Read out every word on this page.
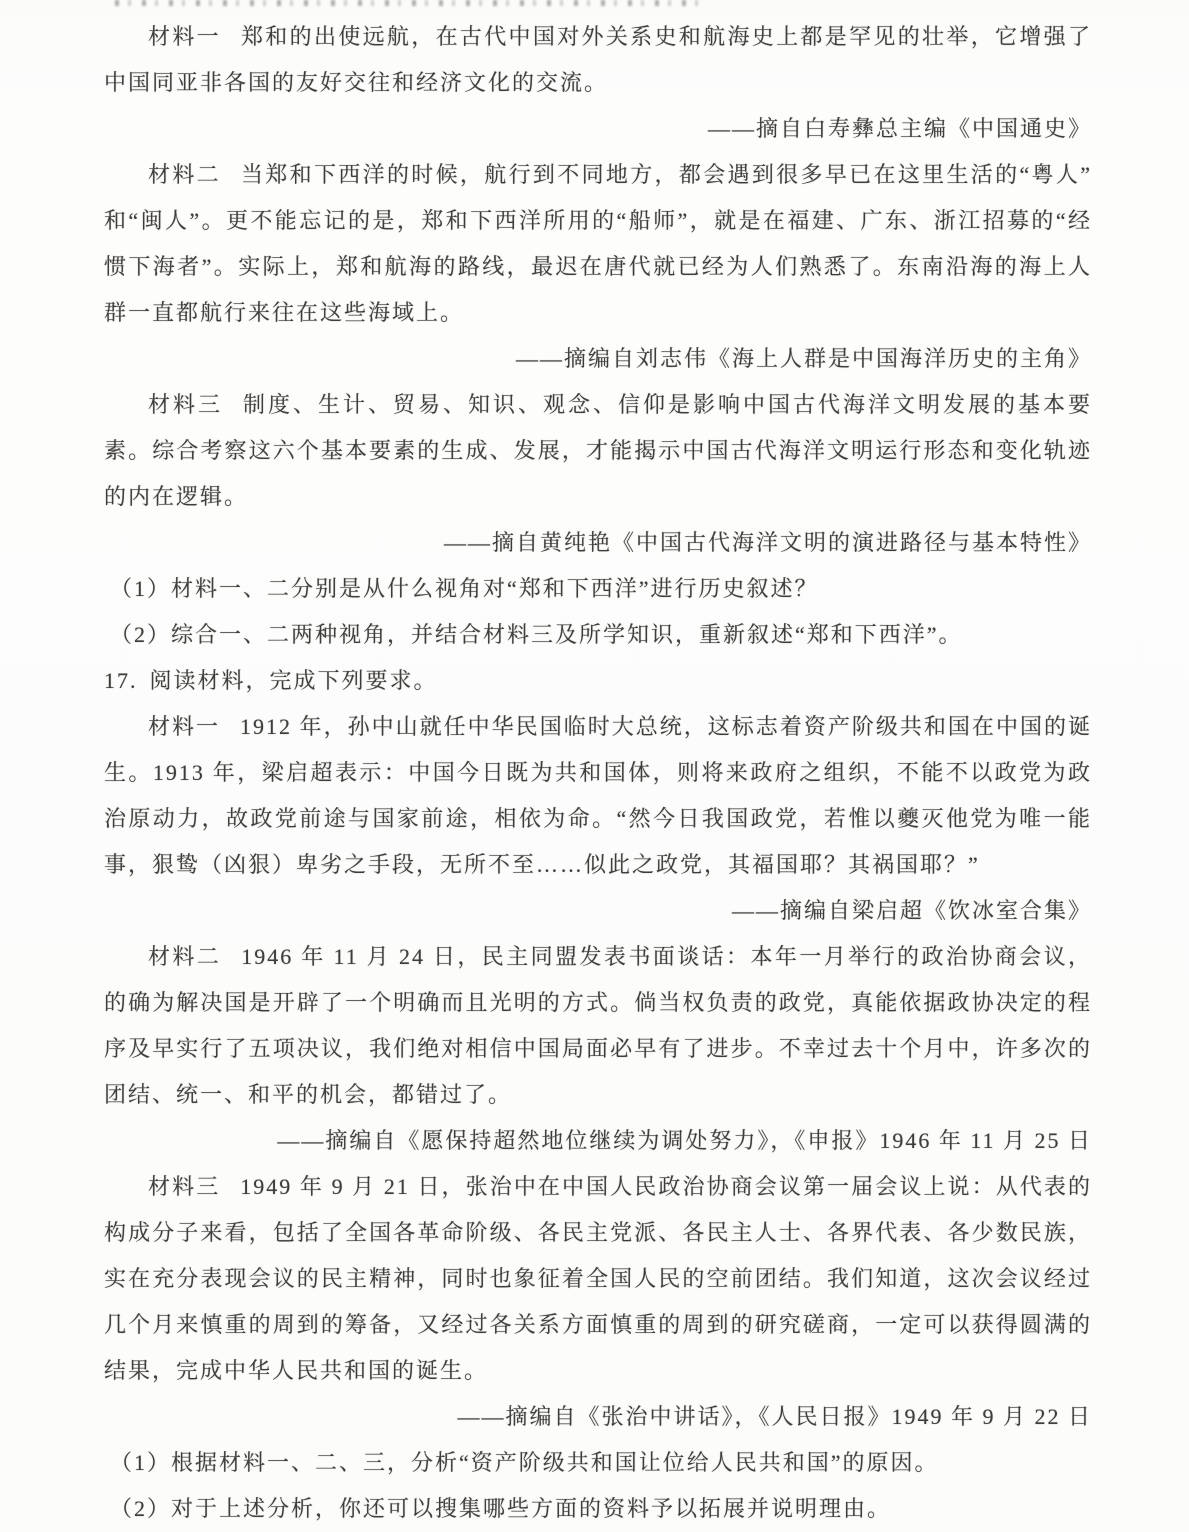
材料一 郑和的出使远航，在古代中国对外关系史和航海史上都是罕见的壮举，它增强了中国同亚非各国的友好交往和经济文化的交流。

——摘自白寿彝总主编《中国通史》

材料二 当郑和下西洋的时候，航行到不同地方，都会遇到很多早已在这里生活的“粤人”和“闽人”。更不能忘记的是，郑和下西洋所用的“船师”，就是在福建、广东、浙江招募的“经惯下海者”。实际上，郑和航海的路线，最迟在唐代就已经为人们熟悉了。东南沿海的海上人群一直都航行来往在这些海域上。

——摘编自刘志伟《海上人群是中国海洋历史的主角》

材料三 制度、生计、贸易、知识、观念、信仰是影响中国古代海洋文明发展的基本要素。综合考察这六个基本要素的生成、发展，才能揭示中国古代海洋文明运行形态和变化轨迹的内在逻辑。

——摘自黄纯艳《中国古代海洋文明的演进路径与基本特性》

（1）材料一、二分别是从什么视角对“郑和下西洋”进行历史叙述？

（2）综合一、二两种视角，并结合材料三及所学知识，重新叙述“郑和下西洋”。

17. 阅读材料，完成下列要求。

材料一 1912 年，孙中山就任中华民国临时大总统，这标志着资产阶级共和国在中国的诞生。1913 年，梁启超表示：中国今日既为共和国体，则将来政府之组织，不能不以政党为政治原动力，故政党前途与国家前途，相依为命。“然今日我国政党，若惟以夔灭他党为唯一能事，狠鸷（凶狠）卑劣之手段，无所不至……似此之政党，其福国耶？其祸国耶？”

——摘编自梁启超《饮冰室合集》

材料二 1946 年 11 月 24 日，民主同盟发表书面谈话：本年一月举行的政治协商会议，的确为解决国是开辟了一个明确而且光明的方式。倘当权负责的政党，真能依据政协决定的程序及早实行了五项决议，我们绝对相信中国局面必早有了进步。不幸过去十个月中，许多次的团结、统一、和平的机会，都错过了。

——摘编自《愿保持超然地位继续为调处努力》，《申报》1946 年 11 月 25 日

材料三 1949 年 9 月 21 日，张治中在中国人民政治协商会议第一届会议上说：从代表的构成分子来看，包括了全国各革命阶级、各民主党派、各民主人士、各界代表、各少数民族，实在充分表现会议的民主精神，同时也象征着全国人民的空前团结。我们知道，这次会议经过几个月来慎重的周到的筹备，又经过各关系方面慎重的周到的研究磋商，一定可以获得圆满的结果，完成中华人民共和国的诞生。

——摘编自《张治中讲话》，《人民日报》1949 年 9 月 22 日

（1）根据材料一、二、三，分析“资产阶级共和国让位给人民共和国”的原因。

（2）对于上述分析，你还可以搜集哪些方面的资料予以拓展并说明理由。
